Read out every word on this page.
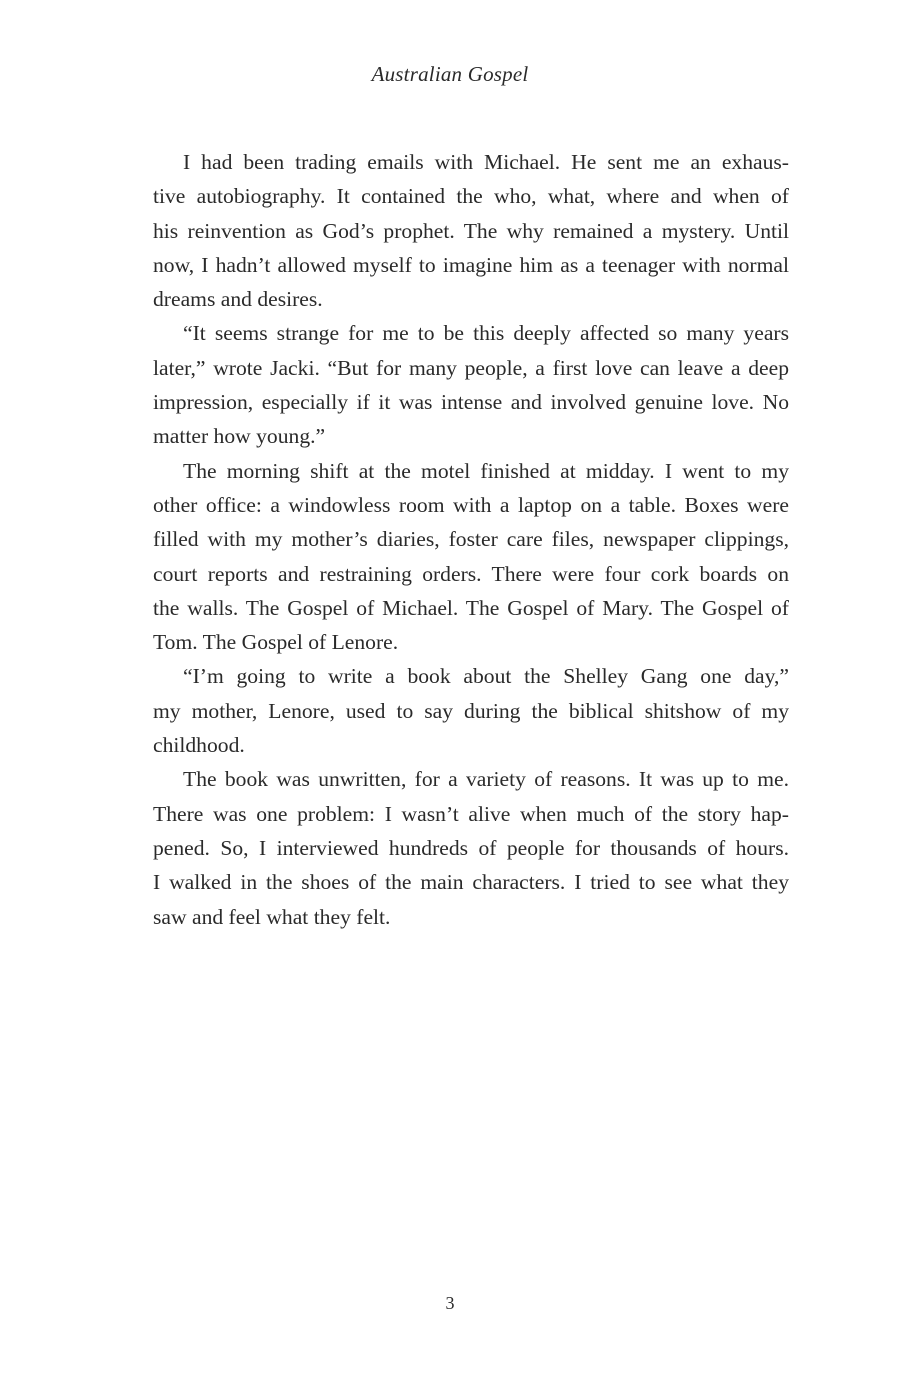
Australian Gospel
I had been trading emails with Michael. He sent me an exhaus-
tive autobiography. It contained the who, what, where and when of
his reinvention as God’s prophet. The why remained a mystery. Until
now, I hadn’t allowed myself to imagine him as a teenager with normal
dreams and desires.
“It seems strange for me to be this deeply affected so many years
later,” wrote Jacki. “But for many people, a first love can leave a deep
impression, especially if it was intense and involved genuine love. No
matter how young.”
The morning shift at the motel finished at midday. I went to my
other office: a windowless room with a laptop on a table. Boxes were
filled with my mother’s diaries, foster care files, newspaper clippings,
court reports and restraining orders. There were four cork boards on
the walls. The Gospel of Michael. The Gospel of Mary. The Gospel of
Tom. The Gospel of Lenore.
“I’m going to write a book about the Shelley Gang one day,”
my mother, Lenore, used to say during the biblical shitshow of my
childhood.
The book was unwritten, for a variety of reasons. It was up to me.
There was one problem: I wasn’t alive when much of the story hap-
pened. So, I interviewed hundreds of people for thousands of hours.
I walked in the shoes of the main characters. I tried to see what they
saw and feel what they felt.
3
